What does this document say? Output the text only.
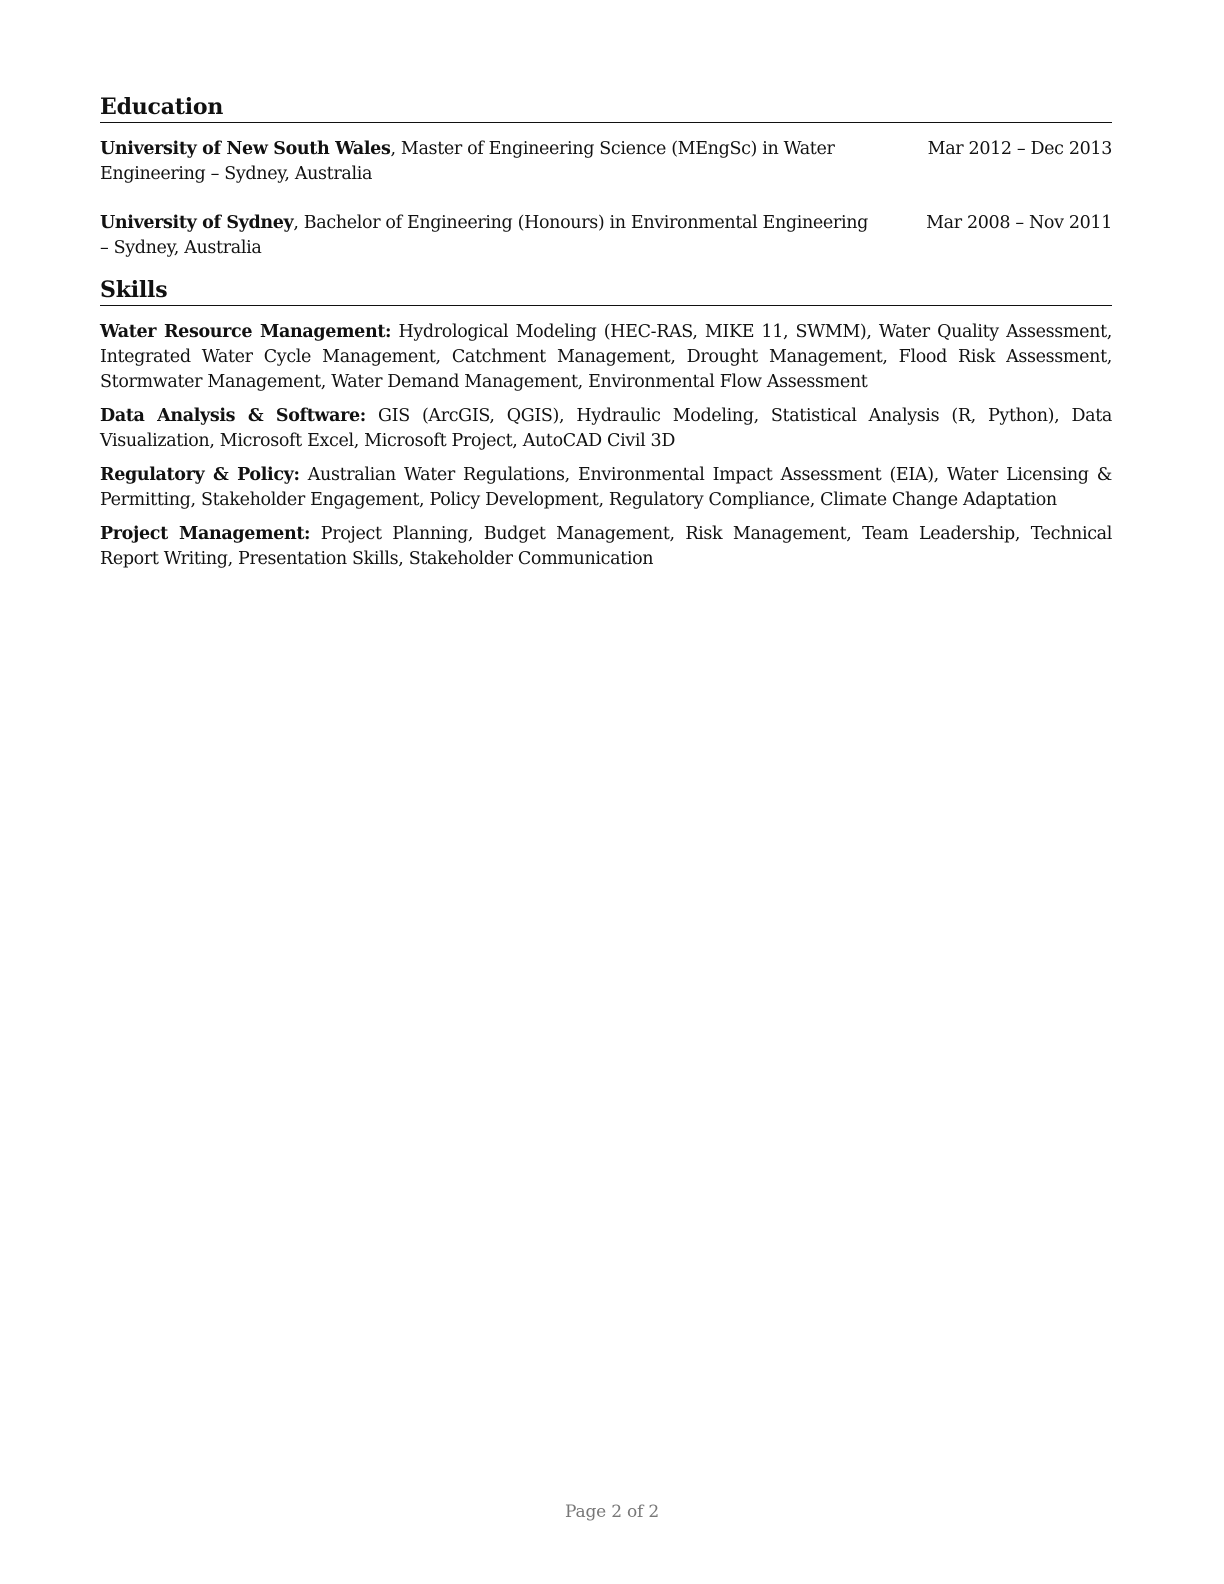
Education
University of New South Wales, Master of Engineering Science (MEngSc) in Water Engineering – Sydney, Australia
Mar 2012 – Dec 2013
University of Sydney, Bachelor of Engineering (Honours) in Environmental Engineering – Sydney, Australia
Mar 2008 – Nov 2011
Skills

Water Resource Management: Hydrological Modeling (HEC-RAS, MIKE 11, SWMM), Water Quality Assessment, Integrated Water Cycle Management, Catchment Management, Drought Management, Flood Risk Assessment, Stormwater Management, Water Demand Management, Environmental Flow Assessment

Data Analysis & Software: GIS (ArcGIS, QGIS), Hydraulic Modeling, Statistical Analysis (R, Python), Data Visualization, Microsoft Excel, Microsoft Project, AutoCAD Civil 3D

Regulatory & Policy: Australian Water Regulations, Environmental Impact Assessment (EIA), Water Licensing & Permitting, Stakeholder Engagement, Policy Development, Regulatory Compliance, Climate Change Adaptation

Project Management: Project Planning, Budget Management, Risk Management, Team Leadership, Technical Report Writing, Presentation Skills, Stakeholder Communication

Page 2 of 2
